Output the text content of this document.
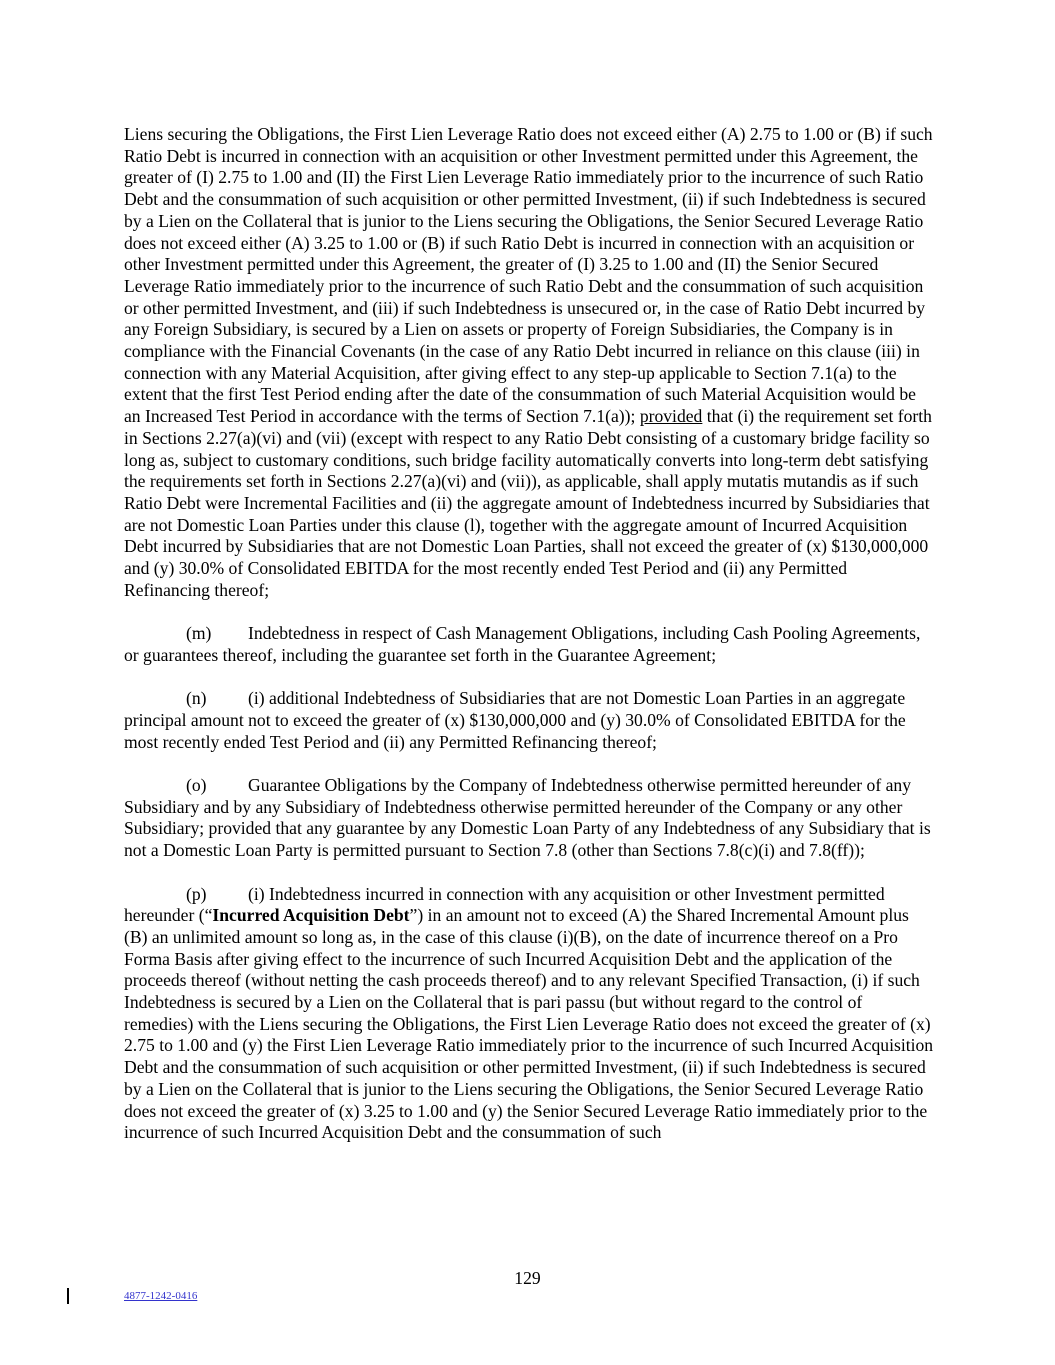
Liens securing the Obligations, the First Lien Leverage Ratio does not exceed either (A) 2.75 to 1.00 or (B) if such Ratio Debt is incurred in connection with an acquisition or other Investment permitted under this Agreement, the greater of (I) 2.75 to 1.00 and (II) the First Lien Leverage Ratio immediately prior to the incurrence of such Ratio Debt and the consummation of such acquisition or other permitted Investment, (ii) if such Indebtedness is secured by a Lien on the Collateral that is junior to the Liens securing the Obligations, the Senior Secured Leverage Ratio does not exceed either (A) 3.25 to 1.00 or (B) if such Ratio Debt is incurred in connection with an acquisition or other Investment permitted under this Agreement, the greater of (I) 3.25 to 1.00 and (II) the Senior Secured Leverage Ratio immediately prior to the incurrence of such Ratio Debt and the consummation of such acquisition or other permitted Investment, and (iii) if such Indebtedness is unsecured or, in the case of Ratio Debt incurred by any Foreign Subsidiary, is secured by a Lien on assets or property of Foreign Subsidiaries, the Company is in compliance with the Financial Covenants (in the case of any Ratio Debt incurred in reliance on this clause (iii) in connection with any Material Acquisition, after giving effect to any step-up applicable to Section 7.1(a) to the extent that the first Test Period ending after the date of the consummation of such Material Acquisition would be an Increased Test Period in accordance with the terms of Section 7.1(a)); provided that (i) the requirement set forth in Sections 2.27(a)(vi) and (vii) (except with respect to any Ratio Debt consisting of a customary bridge facility so long as, subject to customary conditions, such bridge facility automatically converts into long-term debt satisfying the requirements set forth in Sections 2.27(a)(vi) and (vii)), as applicable, shall apply mutatis mutandis as if such Ratio Debt were Incremental Facilities and (ii) the aggregate amount of Indebtedness incurred by Subsidiaries that are not Domestic Loan Parties under this clause (l), together with the aggregate amount of Incurred Acquisition Debt incurred by Subsidiaries that are not Domestic Loan Parties, shall not exceed the greater of (x) $130,000,000 and (y) 30.0% of Consolidated EBITDA for the most recently ended Test Period and (ii) any Permitted Refinancing thereof;

(m) Indebtedness in respect of Cash Management Obligations, including Cash Pooling Agreements, or guarantees thereof, including the guarantee set forth in the Guarantee Agreement;

(n) (i) additional Indebtedness of Subsidiaries that are not Domestic Loan Parties in an aggregate principal amount not to exceed the greater of (x) $130,000,000 and (y) 30.0% of Consolidated EBITDA for the most recently ended Test Period and (ii) any Permitted Refinancing thereof;

(o) Guarantee Obligations by the Company of Indebtedness otherwise permitted hereunder of any Subsidiary and by any Subsidiary of Indebtedness otherwise permitted hereunder of the Company or any other Subsidiary; provided that any guarantee by any Domestic Loan Party of any Indebtedness of any Subsidiary that is not a Domestic Loan Party is permitted pursuant to Section 7.8 (other than Sections 7.8(c)(i) and 7.8(ff));

(p) (i) Indebtedness incurred in connection with any acquisition or other Investment permitted hereunder (“Incurred Acquisition Debt”) in an amount not to exceed (A) the Shared Incremental Amount plus (B) an unlimited amount so long as, in the case of this clause (i)(B), on the date of incurrence thereof on a Pro Forma Basis after giving effect to the incurrence of such Incurred Acquisition Debt and the application of the proceeds thereof (without netting the cash proceeds thereof) and to any relevant Specified Transaction, (i) if such Indebtedness is secured by a Lien on the Collateral that is pari passu (but without regard to the control of remedies) with the Liens securing the Obligations, the First Lien Leverage Ratio does not exceed the greater of (x) 2.75 to 1.00 and (y) the First Lien Leverage Ratio immediately prior to the incurrence of such Incurred Acquisition Debt and the consummation of such acquisition or other permitted Investment, (ii) if such Indebtedness is secured by a Lien on the Collateral that is junior to the Liens securing the Obligations, the Senior Secured Leverage Ratio does not exceed the greater of (x) 3.25 to 1.00 and (y) the Senior Secured Leverage Ratio immediately prior to the incurrence of such Incurred Acquisition Debt and the consummation of such

129
4877-1242-0416
